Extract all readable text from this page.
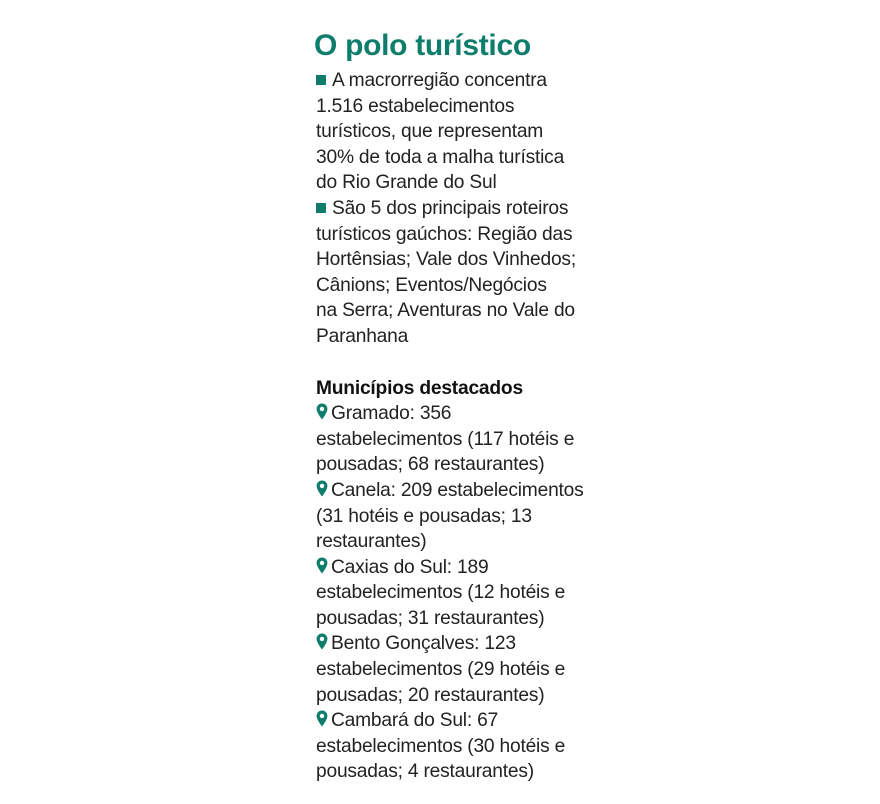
O polo turístico

A macrorregião concentra
1.516 estabelecimentos
turísticos, que representam
30% de toda a malha turística
do Rio Grande do Sul

São 5 dos principais roteiros
turísticos gaúchos: Região das
Hortênsias; Vale dos Vinhedos;
Cânions; Eventos/Negócios
na Serra; Aventuras no Vale do
Paranhana

Municípios destacados

Gramado: 356
estabelecimentos (117 hotéis e
pousadas; 68 restaurantes)

Canela: 209 estabelecimentos
(31 hotéis e pousadas; 13
restaurantes)

Caxias do Sul: 189
estabelecimentos (12 hotéis e
pousadas; 31 restaurantes)

Bento Gonçalves: 123
estabelecimentos (29 hotéis e
pousadas; 20 restaurantes)

Cambará do Sul: 67
estabelecimentos (30 hotéis e
pousadas; 4 restaurantes)
